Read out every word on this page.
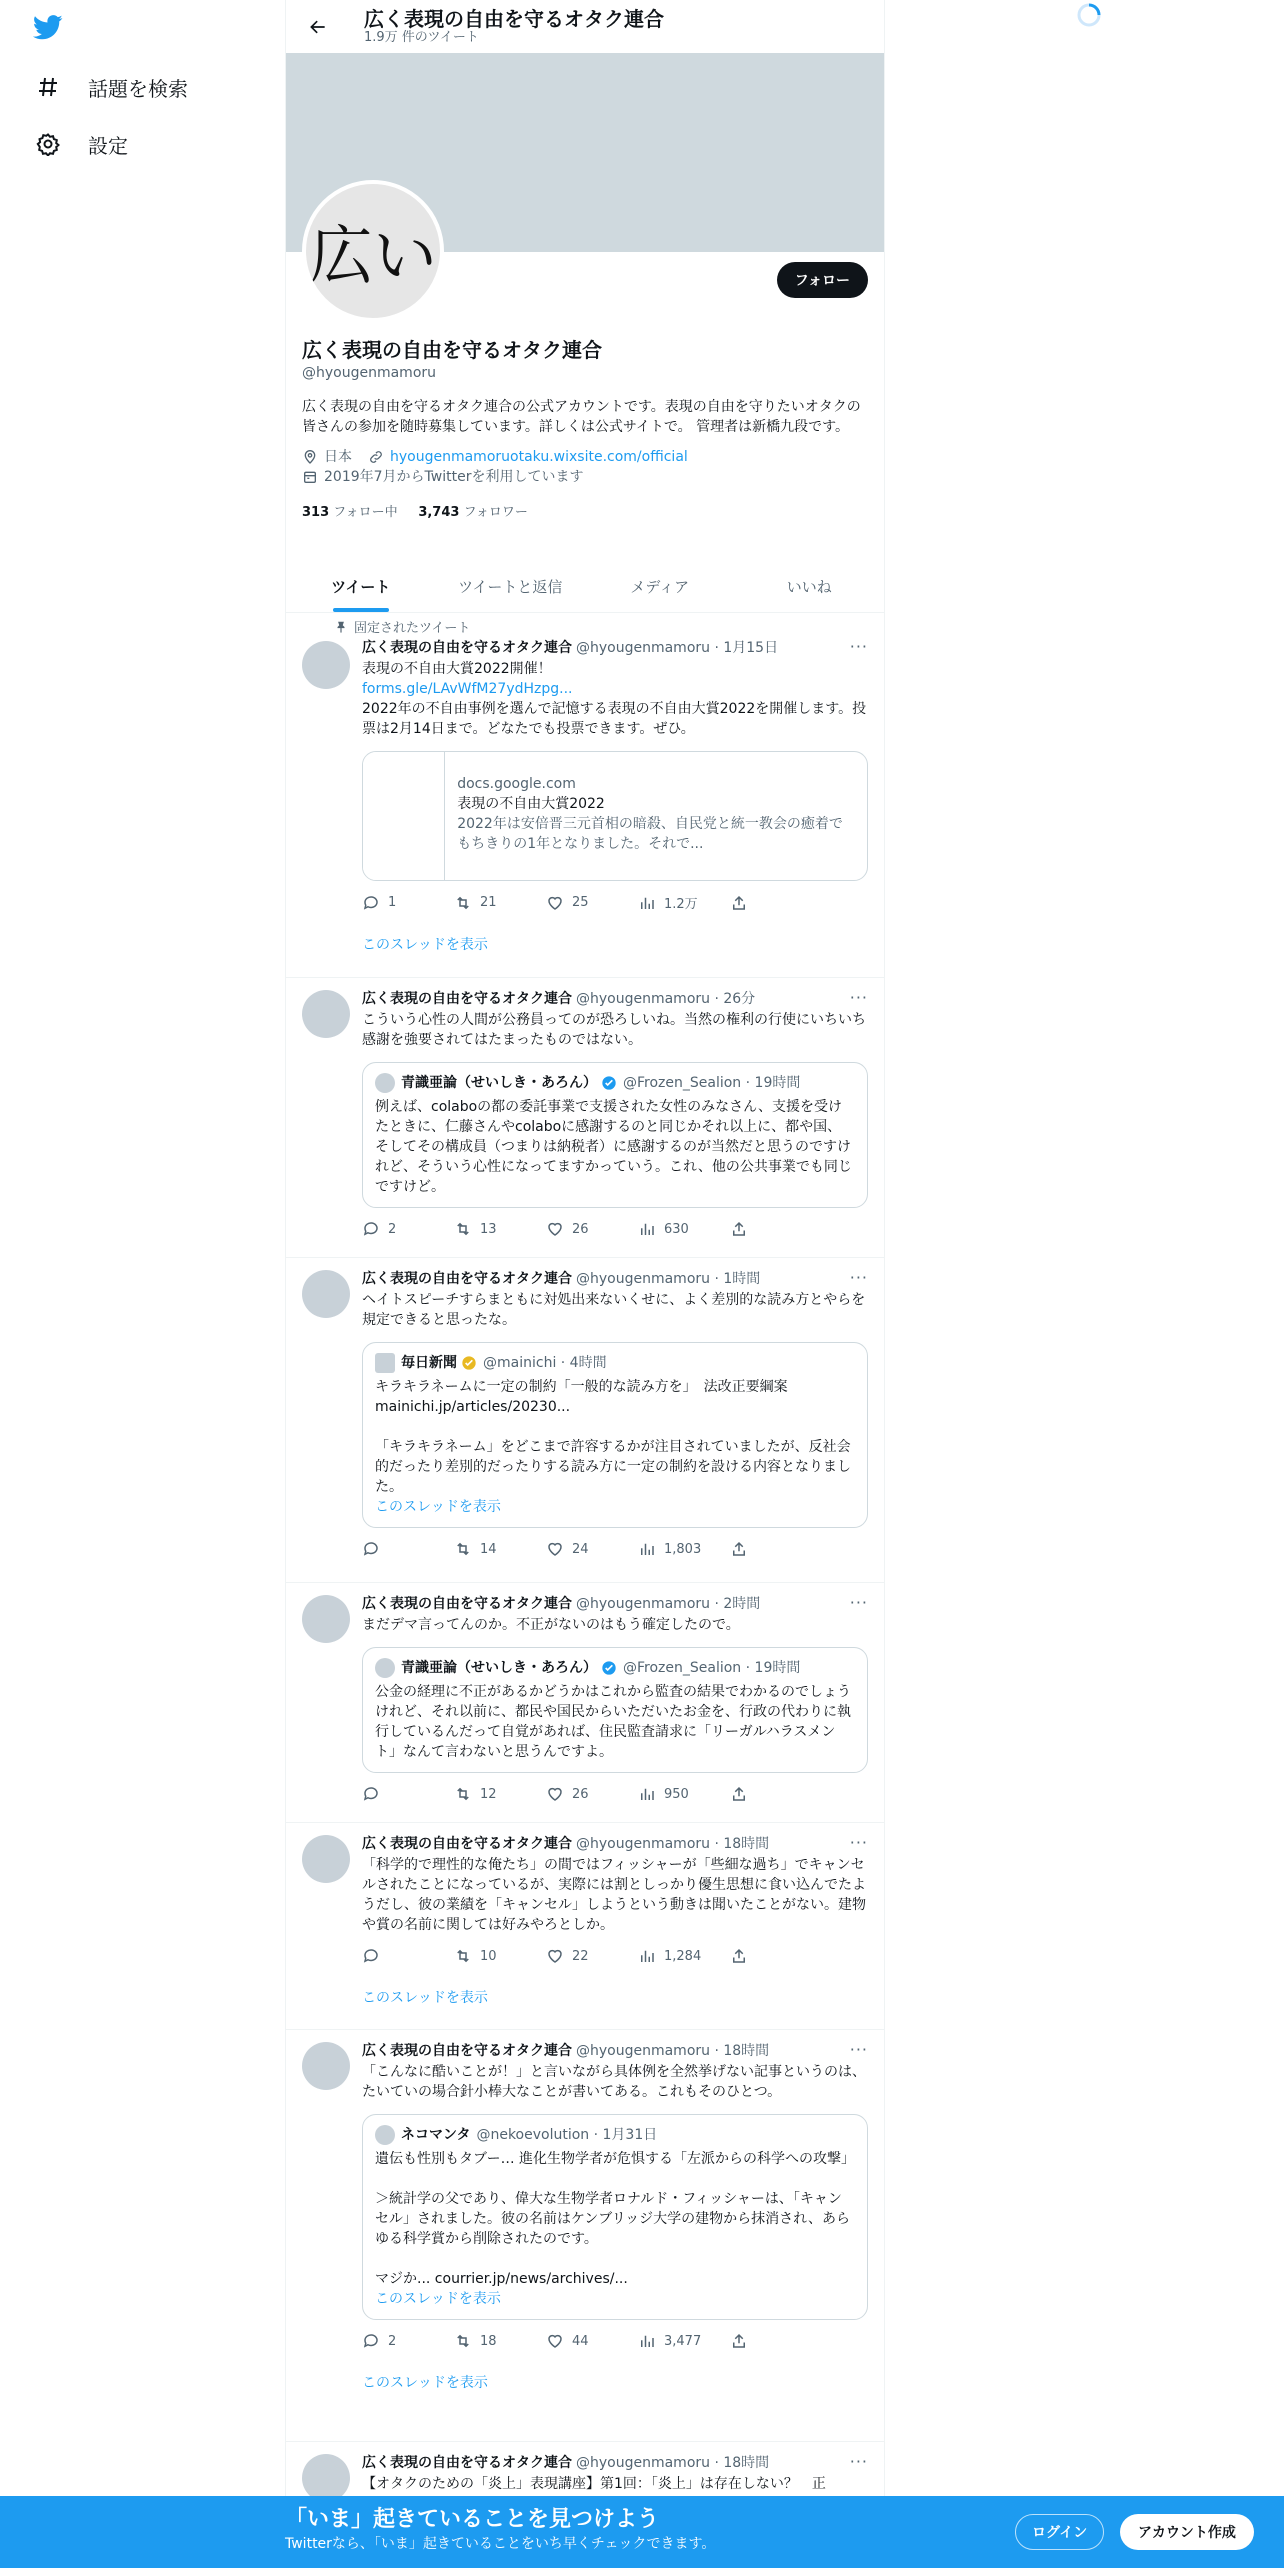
話題を検索
設定
広く表現の自由を守るオタク連合
1.9万 件のツイート
広い	フォロー
広く表現の自由を守るオタク連合
@hyougenmamoru
広く表現の自由を守るオタク連合の公式アカウントです。表現の自由を守りたいオタクの皆さんの参加を随時募集しています。詳しくは公式サイトで。 管理者は新橋九段です。
日本	hyougenmamoruotaku.wixsite.com/official
2019年7月からTwitterを利用しています
313 フォロー中 3,743 フォロワー
ツイート	ツイートと返信	メディア	いいね
固定されたツイート
広く表現の自由を守るオタク連合 @hyougenmamoru · 1月15日	···
表現の不自由大賞2022開催！
forms.gle/LAvWfM27ydHzpg...
2022年の不自由事例を選んで記憶する表現の不自由大賞2022を開催します。投票は2月14日まで。どなたでも投票できます。ぜひ。
docs.google.com
表現の不自由大賞2022
2022年は安倍晋三元首相の暗殺、自民党と統一教会の癒着でもちきりの1年となりました。それで...
1	21	25	1.2万
このスレッドを表示
広く表現の自由を守るオタク連合 @hyougenmamoru · 26分	···
こういう心性の人間が公務員ってのが恐ろしいね。当然の権利の行使にいちいち感謝を強要されてはたまったものではない。
青識亜論（せいしき・あろん） @Frozen_Sealion · 19時間
例えば、colaboの都の委託事業で支援された女性のみなさん、支援を受けたときに、仁藤さんやcolaboに感謝するのと同じかそれ以上に、都や国、そしてその構成員（つまりは納税者）に感謝するのが当然だと思うのですけれど、そういう心性になってますかっていう。これ、他の公共事業でも同じですけど。
2	13	26	630
広く表現の自由を守るオタク連合 @hyougenmamoru · 1時間	···
ヘイトスピーチすらまともに対処出来ないくせに、よく差別的な読み方とやらを規定できると思ったな。
毎日新聞 @mainichi · 4時間
キラキラネームに一定の制約「一般的な読み方を」　法改正要綱案
mainichi.jp/articles/20230...
「キラキラネーム」をどこまで許容するかが注目されていましたが、反社会的だったり差別的だったりする読み方に一定の制約を設ける内容となりました。
このスレッドを表示
14	24	1,803
広く表現の自由を守るオタク連合 @hyougenmamoru · 2時間	···
まだデマ言ってんのか。不正がないのはもう確定したので。
青識亜論（せいしき・あろん） @Frozen_Sealion · 19時間
公金の経理に不正があるかどうかはこれから監査の結果でわかるのでしょうけれど、それ以前に、都民や国民からいただいたお金を、行政の代わりに執行しているんだって自覚があれば、住民監査請求に「リーガルハラスメント」なんて言わないと思うんですよ。
12	26	950
広く表現の自由を守るオタク連合 @hyougenmamoru · 18時間	···
「科学的で理性的な俺たち」の間ではフィッシャーが「些細な過ち」でキャンセルされたことになっているが、実際には割としっかり優生思想に食い込んでたようだし、彼の業績を「キャンセル」しようという動きは聞いたことがない。建物や賞の名前に関しては好みやろとしか。
10	22	1,284
このスレッドを表示
広く表現の自由を守るオタク連合 @hyougenmamoru · 18時間	···
「こんなに酷いことが！」と言いながら具体例を全然挙げない記事というのは、たいていの場合針小棒大なことが書いてある。これもそのひとつ。
ネコマンタ @nekoevolution · 1月31日
遺伝も性別もタブー… 進化生物学者が危惧する「左派からの科学への攻撃」
＞統計学の父であり、偉大な生物学者ロナルド・フィッシャーは、「キャンセル」されました。彼の名前はケンブリッジ大学の建物から抹消され、あらゆる科学賞から削除されたのです。
マジか... courrier.jp/news/archives/...
このスレッドを表示
2	18	44	3,477
このスレッドを表示
広く表現の自由を守るオタク連合 @hyougenmamoru · 18時間	···
【オタクのための「炎上」表現講座】第1回：「炎上」は存在しない？　正
「いま」起きていることを見つけよう
Twitterなら、「いま」起きていることをいち早くチェックできます。
ログイン	アカウント作成
